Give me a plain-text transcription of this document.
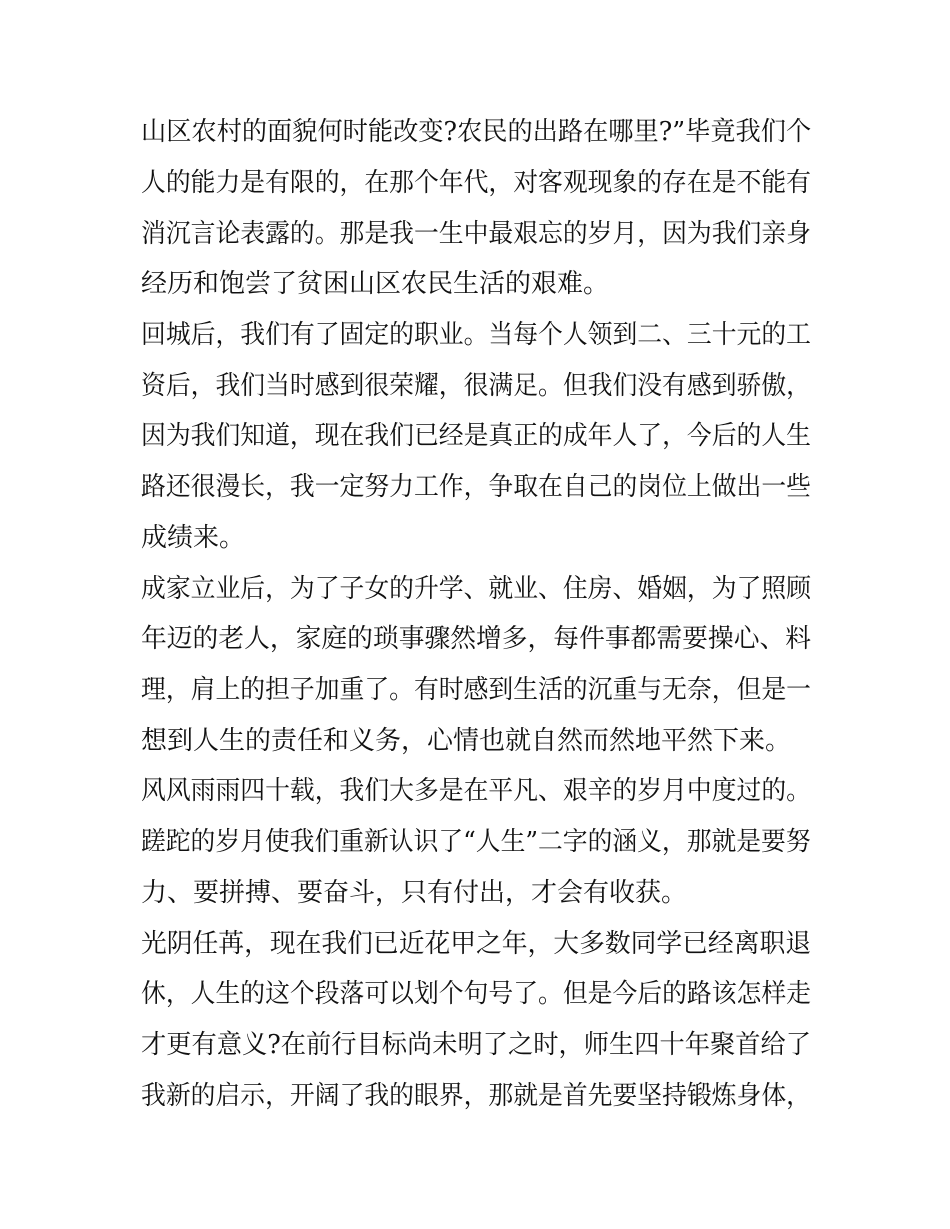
山区农村的面貌何时能改变?农民的出路在哪里?”毕竟我们个
人的能力是有限的，在那个年代，对客观现象的存在是不能有
消沉言论表露的。那是我一生中最艰忘的岁月，因为我们亲身
经历和饱尝了贫困山区农民生活的艰难。
回城后，我们有了固定的职业。当每个人领到二、三十元的工
资后，我们当时感到很荣耀，很满足。但我们没有感到骄傲，
因为我们知道，现在我们已经是真正的成年人了，今后的人生
路还很漫长，我一定努力工作，争取在自己的岗位上做出一些
成绩来。
成家立业后，为了子女的升学、就业、住房、婚姻，为了照顾
年迈的老人，家庭的琐事骤然增多，每件事都需要操心、料
理，肩上的担子加重了。有时感到生活的沉重与无奈，但是一
想到人生的责任和义务，心情也就自然而然地平然下来。
风风雨雨四十载，我们大多是在平凡、艰辛的岁月中度过的。
蹉跎的岁月使我们重新认识了“人生”二字的涵义，那就是要努
力、要拼搏、要奋斗，只有付出，才会有收获。
光阴任苒，现在我们已近花甲之年，大多数同学已经离职退
休，人生的这个段落可以划个句号了。但是今后的路该怎样走
才更有意义?在前行目标尚未明了之时，师生四十年聚首给了
我新的启示，开阔了我的眼界，那就是首先要坚持锻炼身体，
